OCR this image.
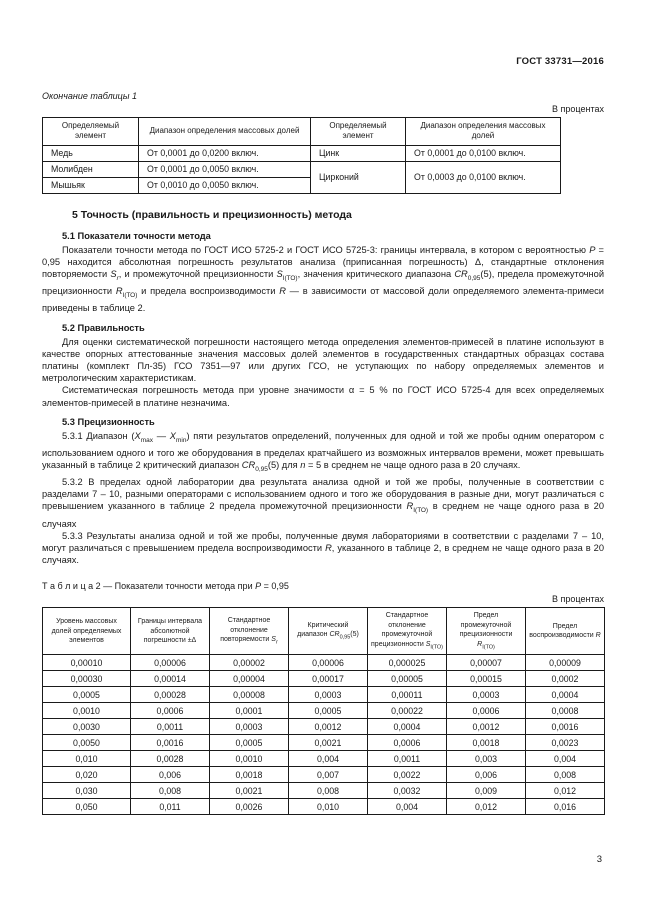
ГОСТ 33731—2016
Окончание таблицы 1
В процентах
Определяемый элемент	Диапазон определения массовых долей	Определяемый элемент	Диапазон определения массовых долей
Медь	От 0,0001 до 0,0200 включ.	Цинк	От 0,0001 до 0,0100 включ.
Молибден	От 0,0001 до 0,0050 включ.	Цирконий	От 0,0003 до 0,0100 включ.
Мышьяк	От 0,0010 до 0,0050 включ.		
5 Точность (правильность и прецизионность) метода
5.1 Показатели точности метода

Показатели точности метода по ГОСТ ИСО 5725-2 и ГОСТ ИСО 5725-3: границы интервала, в котором с вероятностью P = 0,95 находится абсолютная погрешность результатов анализа (приписанная погрешность) Δ, стандартные отклонения повторяемости $S_r$, и промежуточной прецизионности $S_{I(ТО)}$, значения критического диапазона $CR_{0,95}(5)$, предела промежуточной прецизионности $R_{I(ТО)}$ и предела воспроизводимости R — в зависимости от массовой доли определяемого элемента-примеси приведены в таблице 2.

5.2 Правильность

Для оценки систематической погрешности настоящего метода определения элементов-примесей в платине используют в качестве опорных аттестованные значения массовых долей элементов в государственных стандартных образцах состава платины (комплект Пл-35) ГСО 7351—97 или других ГСО, не уступающих по набору определяемых элементов и метрологическим характеристикам.

Систематическая погрешность метода при уровне значимости α = 5 % по ГОСТ ИСО 5725-4 для всех определяемых элементов-примесей в платине незначима.

5.3 Прецизионность

5.3.1 Диапазон ($X_{max}$ — $X_{min}$) пяти результатов определений, полученных для одной и той же пробы одним оператором с использованием одного и того же оборудования в пределах кратчайшего из возможных интервалов времени, может превышать указанный в таблице 2 критический диапазон $CR_{0,95}(5)$ для n = 5 в среднем не чаще одного раза в 20 случаях.

5.3.2 В пределах одной лаборатории два результата анализа одной и той же пробы, полученные в соответствии с разделами 7 – 10, разными операторами с использованием одного и того же оборудования в разные дни, могут различаться с превышением указанного в таблице 2 предела промежуточной прецизионности $R_{I(ТО)}$ в среднем не чаще одного раза в 20 случаях

5.3.3 Результаты анализа одной и той же пробы, полученные двумя лабораториями в соответствии с разделами 7 – 10, могут различаться с превышением предела воспроизводимости R, указанного в таблице 2, в среднем не чаще одного раза в 20 случаях.

Т а б л и ц а 2 — Показатели точности метода при P = 0,95
В процентах
Уровень массовых долей определяемых элементов	Границы интервала абсолютной погрешности ±Δ	Стандартное отклонение повторяемости $S_r$	Критический диапазон $CR_{0,95}(5)$	Стандартное отклонение промежуточной прецизионности $S_{I(ТО)}$	Предел промежуточной прецизионности $R_{I(ТО)}$	Предел воспроизводимости R
0,00010	0,00006	0,00002	0,00006	0,000025	0,00007	0,00009
0,00030	0,00014	0,00004	0,00017	0,00005	0,00015	0,0002
0,0005	0,00028	0,00008	0,0003	0,00011	0,0003	0,0004
0,0010	0,0006	0,0001	0,0005	0,00022	0,0006	0,0008
0,0030	0,0011	0,0003	0,0012	0,0004	0,0012	0,0016
0,0050	0,0016	0,0005	0,0021	0,0006	0,0018	0,0023
0,010	0,0028	0,0010	0,004	0,0011	0,003	0,004
0,020	0,006	0,0018	0,007	0,0022	0,006	0,008
0,030	0,008	0,0021	0,008	0,0032	0,009	0,012
0,050	0,011	0,0026	0,010	0,004	0,012	0,016
3
